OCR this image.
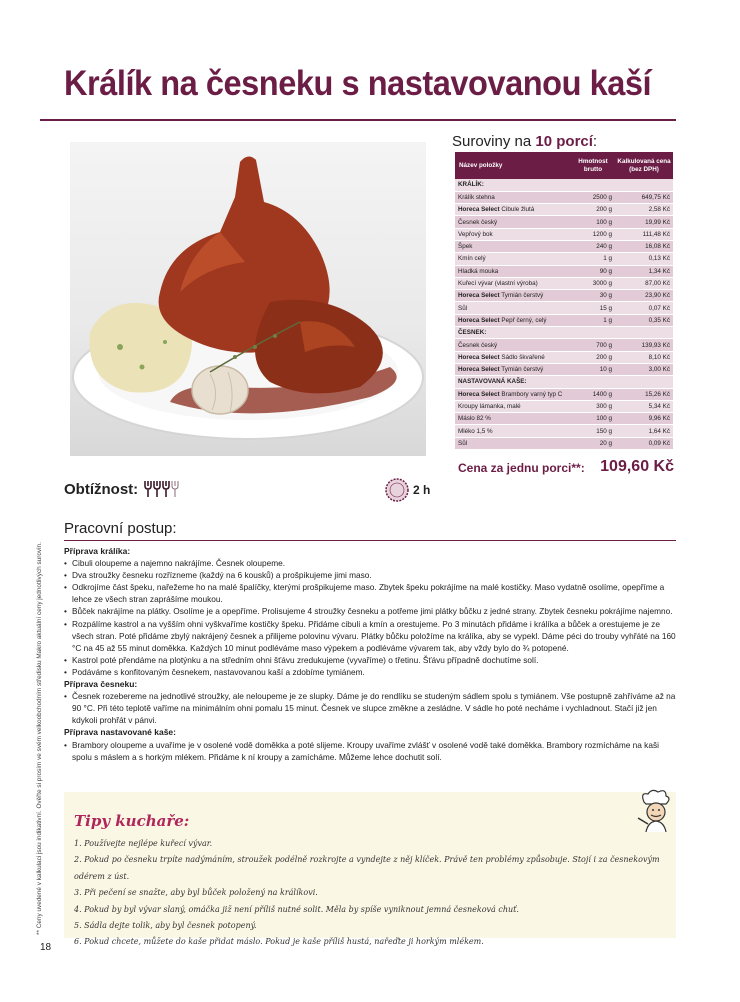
Králík na česneku s nastavovanou kaší
** Ceny uvedené v kalkulaci jsou indikativní. Ověřte si prosím ve svém velkoobchodním středisku Makro aktuální ceny jednotlivých surovin.
Suroviny na 10 porcí:
Název položky	Hmotnost brutto	Kalkulovaná cena (bez DPH)
KRÁLÍK:		
Králík stehna	2500 g	649,75 Kč
Horeca Select Cibule žlutá	200 g	2,58 Kč
Česnek český	100 g	19,99 Kč
Vepřový bok	1200 g	111,48 Kč
Špek	240 g	16,08 Kč
Kmín celý	1 g	0,13 Kč
Hladká mouka	90 g	1,34 Kč
Kuřecí vývar (vlastní výroba)	3000 g	87,00 Kč
Horeca Select Tymián čerstvý	30 g	23,90 Kč
Sůl	15 g	0,07 Kč
Horeca Select Pepř černý, celý	1 g	0,35 Kč
ČESNEK:		
Česnek český	700 g	139,93 Kč
Horeca Select Sádlo škvařené	200 g	8,10 Kč
Horeca Select Tymián čerstvý	10 g	3,00 Kč
NASTAVOVANÁ KAŠE:		
Horeca Select Brambory varný typ C	1400 g	15,26 Kč
Kroupy lámanka, malé	300 g	5,34 Kč
Máslo 82 %	100 g	9,96 Kč
Mléko 1,5 %	150 g	1,64 Kč
Sůl	20 g	0,09 Kč
Cena za jednu porci**: 109,60 Kč
Obtížnost:	2 h
Pracovní postup:
Příprava králíka:
• Cibuli oloupeme a najemno nakrájíme. Česnek oloupeme.
• Dva stroužky česneku rozřízneme (každý na 6 kousků) a prošpikujeme jimi maso.
• Odkrojíme část špeku, nařežeme ho na malé špalíčky, kterými prošpikujeme maso. Zbytek špeku pokrájíme na malé kostičky. Maso vydatně osolíme, opepříme a lehce ze všech stran zaprášíme moukou.
• Bůček nakrájíme na plátky. Osolíme je a opepříme. Prolisujeme 4 stroužky česneku a potřeme jimi plátky bůčku z jedné strany. Zbytek česneku pokrájíme najemno.
• Rozpálíme kastrol a na vyšším ohni vyškvaříme kostičky špeku. Přidáme cibuli a kmín a orestujeme. Po 3 minutách přidáme i králíka a bůček a orestujeme je ze všech stran. Poté přidáme zbylý nakrájený česnek a přilijeme polovinu vývaru. Plátky bůčku položíme na králíka, aby se vypekl. Dáme péci do trouby vyhřáté na 160 °C na 45 až 55 minut doměkka. Každých 10 minut podléváme maso výpekem a podléváme vývarem tak, aby vždy bylo do ¾ potopené.
• Kastrol poté přendáme na plotýnku a na středním ohni šťávu zredukujeme (vyvaříme) o třetinu. Šťávu případně dochutíme solí.
• Podáváme s konfitovaným česnekem, nastavovanou kaší a zdobíme tymiánem.
Příprava česneku:
• Česnek rozebereme na jednotlivé stroužky, ale neloupeme je ze slupky. Dáme je do rendlíku se studeným sádlem spolu s tymiánem. Vše postupně zahříváme až na 90 °C. Při této teplotě vaříme na minimálním ohni pomalu 15 minut. Česnek ve slupce změkne a zesládne. V sádle ho poté necháme i vychladnout. Stačí již jen kdykoli prohřát v pánvi.
Příprava nastavované kaše:
• Brambory oloupeme a uvaříme je v osolené vodě doměkka a poté slijeme. Kroupy uvaříme zvlášť v osolené vodě také doměkka. Brambory rozmícháme na kaši spolu s máslem a s horkým mlékem. Přidáme k ní kroupy a zamícháme. Můžeme lehce dochutit solí.
Tipy kuchaře:
1. Používejte nejlépe kuřecí vývar.
2. Pokud po česneku trpíte nadýmáním, stroužek podélně rozkrojte a vyndejte z něj klíček. Právě ten problémy způsobuje. Stojí i za česnekovým odérem z úst.
3. Při pečení se snažte, aby byl bůček položený na králíkovi.
4. Pokud by byl vývar slaný, omáčka již není příliš nutné solit. Měla by spíše vyniknout jemná česneková chuť.
5. Sádla dejte tolik, aby byl česnek potopený.
6. Pokud chcete, můžete do kaše přidat máslo. Pokud je kaše příliš hustá, nařeďte ji horkým mlékem.
18
